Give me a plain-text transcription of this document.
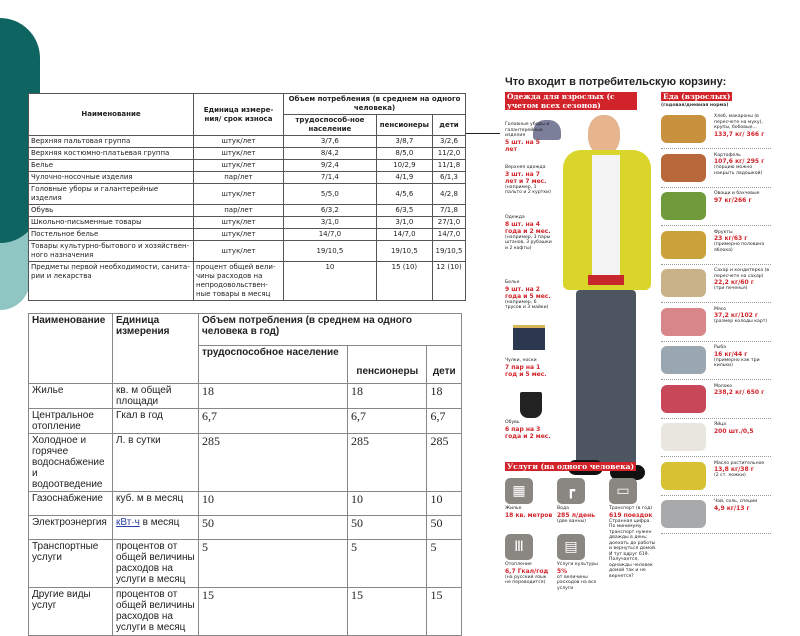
Наименование	Единица измере-ния/ срок износа	Объем потребления (в среднем на одного человека)		
		трудоспособ-ное население	пенсионеры	дети
Верхняя пальтовая группа	штук/лет	3/7,6	3/8,7	3/2,6
Верхняя костюмно-платьевая группа	штук/лет	8/4,2	8/5,0	11/2,0
Белье	штук/лет	9/2,4	10/2,9	11/1,8
Чулочно-носочные изделия	пар/лет	7/1,4	4/1,9	6/1,3
Головные уборы и галантерейные изделия	штук/лет	5/5,0	4/5,6	4/2,8
Обувь	пар/лет	6/3,2	6/3,5	7/1,8
Школьно-письменные товары	штук/лет	3/1,0	3/1,0	27/1,0
Постельное белье	штук/лет	14/7,0	14/7,0	14/7,0
Товары культурно-бытового и хозяйствен-ного назначения	штук/лет	19/10,5	19/10,5	19/10,5
Предметы первой необходимости, санита-рии и лекарства	процент общей вели-чины расходов на непродовольствен-ные товары в месяц	10	15 (10)	12 (10)
Наименование	Единица измерения	Объем потребления (в среднем на одного человека в год)		
		трудоспособное население	пенсионеры	дети
Жилье	кв. м общей площади	18	18	18
Центральное отопление	Гкал в год	6,7	6,7	6,7
Холодное и горячее водоснабжение и водоотведение	Л. в сутки	285	285	285
Газоснабжение	куб. м в месяц	10	10	10
Электроэнергия	кВт·ч в месяц	50	50	50
Транспортные услуги	процентов от общей величины расходов на услуги в месяц	5	5	5
Другие виды услуг	процентов от общей величины расходов на услуги в месяц	15	15	15
Что входит в потребительскую корзину:
Одежда для взрослых (с учетом всех сезонов)
Еда (взрослых)
(годовая/дневная норма)
Головные уборы и галантерейные изделия
5 шт. на 5 лет
Верхняя одежда
3 шт. на 7 лет и 7 мес.
(например, 1 пальто и 2 куртки)
Одежда
8 шт. на 4 года и 2 мес.
(например, 3 пары штанов, 3 рубашки и 2 кофты)
Белье
9 шт. на 2 года и 5 мес.
(например, 6 трусов и 3 майки)
Чулки, носки
7 пар на 1 год и 5 мес.
Обувь
6 пар на 3 года и 2 мес.
Хлеб, макароны (в пересчете на муку), крупы, бобовые...
133,7 кг/ 366 г
Картофель
107,6 кг/ 295 г
(порцию можно накрыть ладошкой)
Овощи и бахчевые
97 кг/266 г
Фрукты
23 кг/63 г
(примерно половина яблока)
Сахар и кондитерка (в пересчете на сахар)
22,2 кг/60 г
(три печенья)
Мясо
37,2 кг/102 г
(размер колоды карт)
Рыба
16 кг/44 г
(примерно как три кильки)
Молоко
238,2 кг/ 650 г
Яйца
200 шт./0,5
Масло растительное
13,8 кг/38 г
(2 ст. ложки)
Чай, соль, специи
4,9 кг/13 г
Услуги (на одного человека)
▦
Жилье
18 кв. метров
┏
Вода
285 л/день
(две ванны)
▭
Транспорт (в год)
619 поездок
Странная цифра. По минимуму транспорт нужен дважды в день: доехать до работы и вернуться домой. И тут вдруг 619. Получается, однажды человек домой так и не вернется?
Ⅲ
Отопление
6,7 Гкал/год
(на русский язык не переводится)
▤
Услуги культуры
5%
от величины расходов на все услуги
